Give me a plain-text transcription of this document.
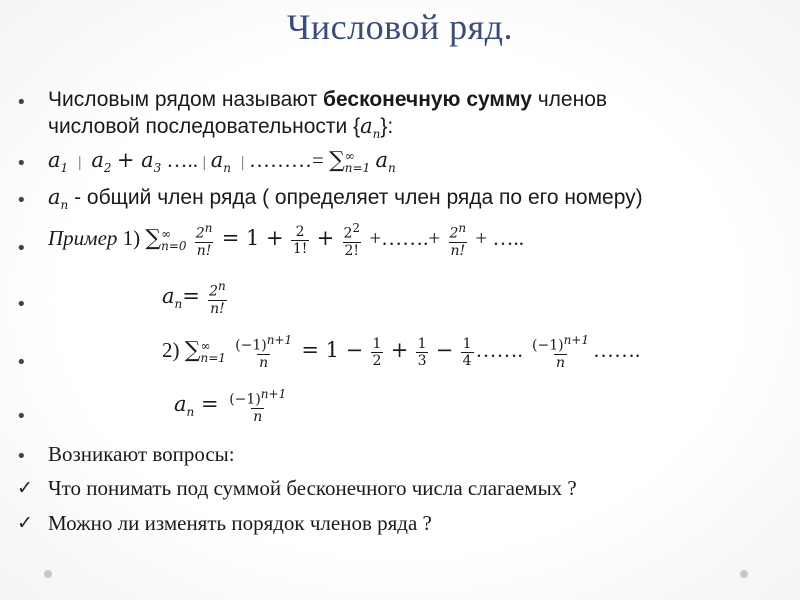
Числовой ряд.
• Числовым рядом называют бесконечную сумму членов
числовой последовательности $\{a_n\}$:
• $a_1$ | $a_2 + a_3$ ….. | $a_n$ | ………= ∑ ∞
n=1 $a_n$
• $a_n$ - общий член ряда ( определяет член ряда по его номеру)
• Пример 1) ∑ ∞
n=0
$\frac{2^n}{n!} = 1 + \frac{2}{1!} + \frac{2^2}{2!}$ +…….+ $\frac{2^n}{n!}$ + …..
•	$a_n= \frac{2^n}{n!}$
•
2) ∑ ∞
n=1
$\frac{(-1)^{n+1}}{n} = 1 - \frac{1}{2} + \frac{1}{3} - \frac{1}{4}$ ……. $\frac{(-1)^{n+1}}{n}$ …….
•
$a_n = \frac{(-1)^{n+1}}{n}$
• Возникают вопросы:
✓ Что понимать под суммой бесконечного числа слагаемых ?
✓ Можно ли изменять порядок членов ряда ?
